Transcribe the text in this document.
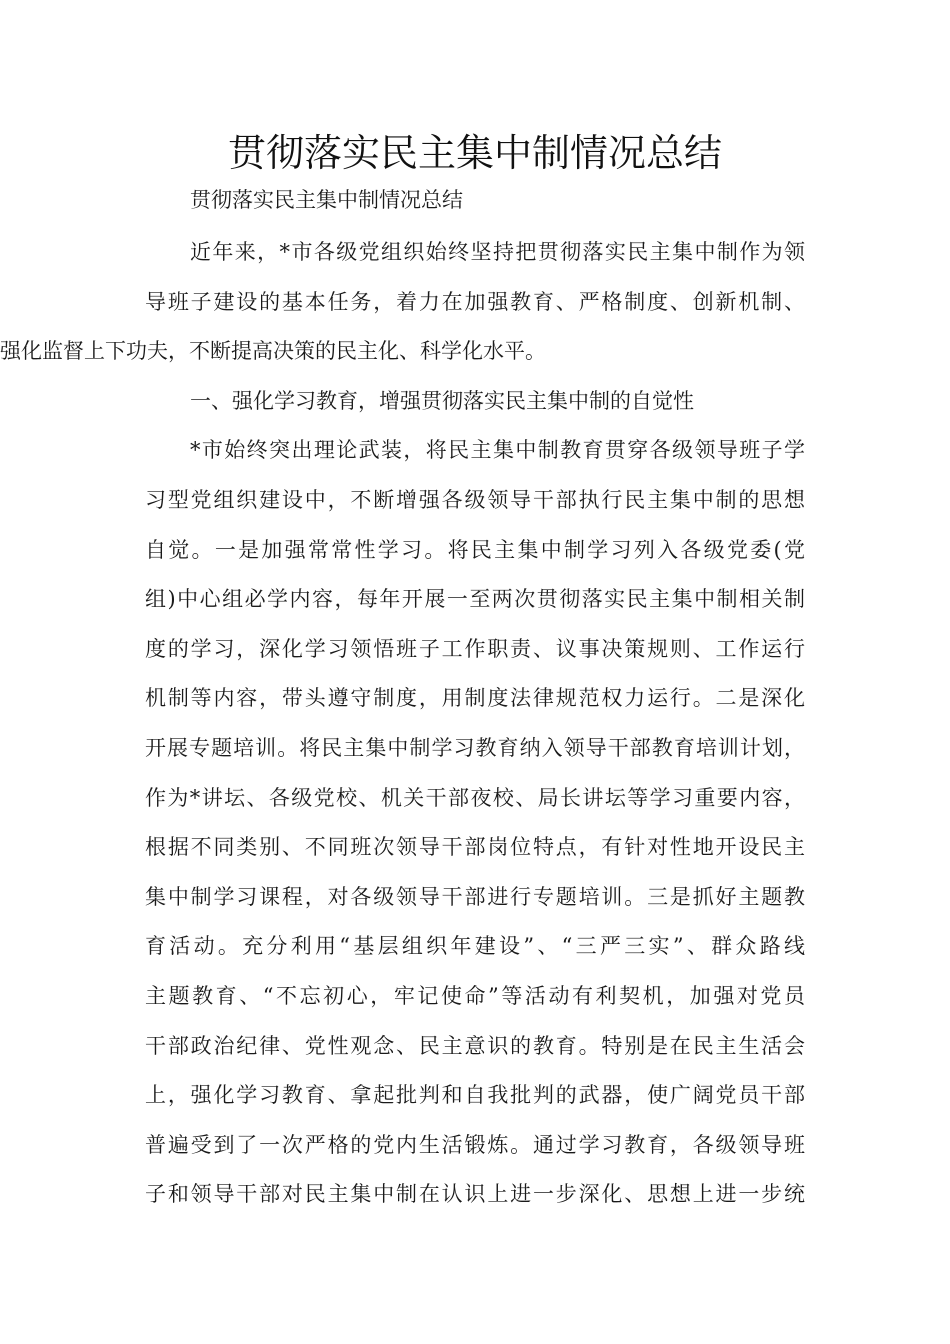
贯彻落实民主集中制情况总结

贯彻落实民主集中制情况总结

近年来，*市各级党组织始终坚持把贯彻落实民主集中制作为领
导班子建设的基本任务，着力在加强教育、严格制度、创新机制、
强化监督上下功夫，不断提高决策的民主化、科学化水平。
一、强化学习教育，增强贯彻落实民主集中制的自觉性
*市始终突出理论武装，将民主集中制教育贯穿各级领导班子学
习型党组织建设中，不断增强各级领导干部执行民主集中制的思想
自觉。一是加强常常性学习。将民主集中制学习列入各级党委(党
组)中心组必学内容，每年开展一至两次贯彻落实民主集中制相关制
度的学习，深化学习领悟班子工作职责、议事决策规则、工作运行
机制等内容，带头遵守制度，用制度法律规范权力运行。二是深化
开展专题培训。将民主集中制学习教育纳入领导干部教育培训计划，
作为*讲坛、各级党校、机关干部夜校、局长讲坛等学习重要内容，
根据不同类别、不同班次领导干部岗位特点，有针对性地开设民主
集中制学习课程，对各级领导干部进行专题培训。三是抓好主题教
育活动。充分利用“基层组织年建设”、“三严三实”、群众路线
主题教育、“不忘初心，牢记使命”等活动有利契机，加强对党员
干部政治纪律、党性观念、民主意识的教育。特别是在民主生活会
上，强化学习教育、拿起批判和自我批判的武器，使广阔党员干部
普遍受到了一次严格的党内生活锻炼。通过学习教育，各级领导班
子和领导干部对民主集中制在认识上进一步深化、思想上进一步统
